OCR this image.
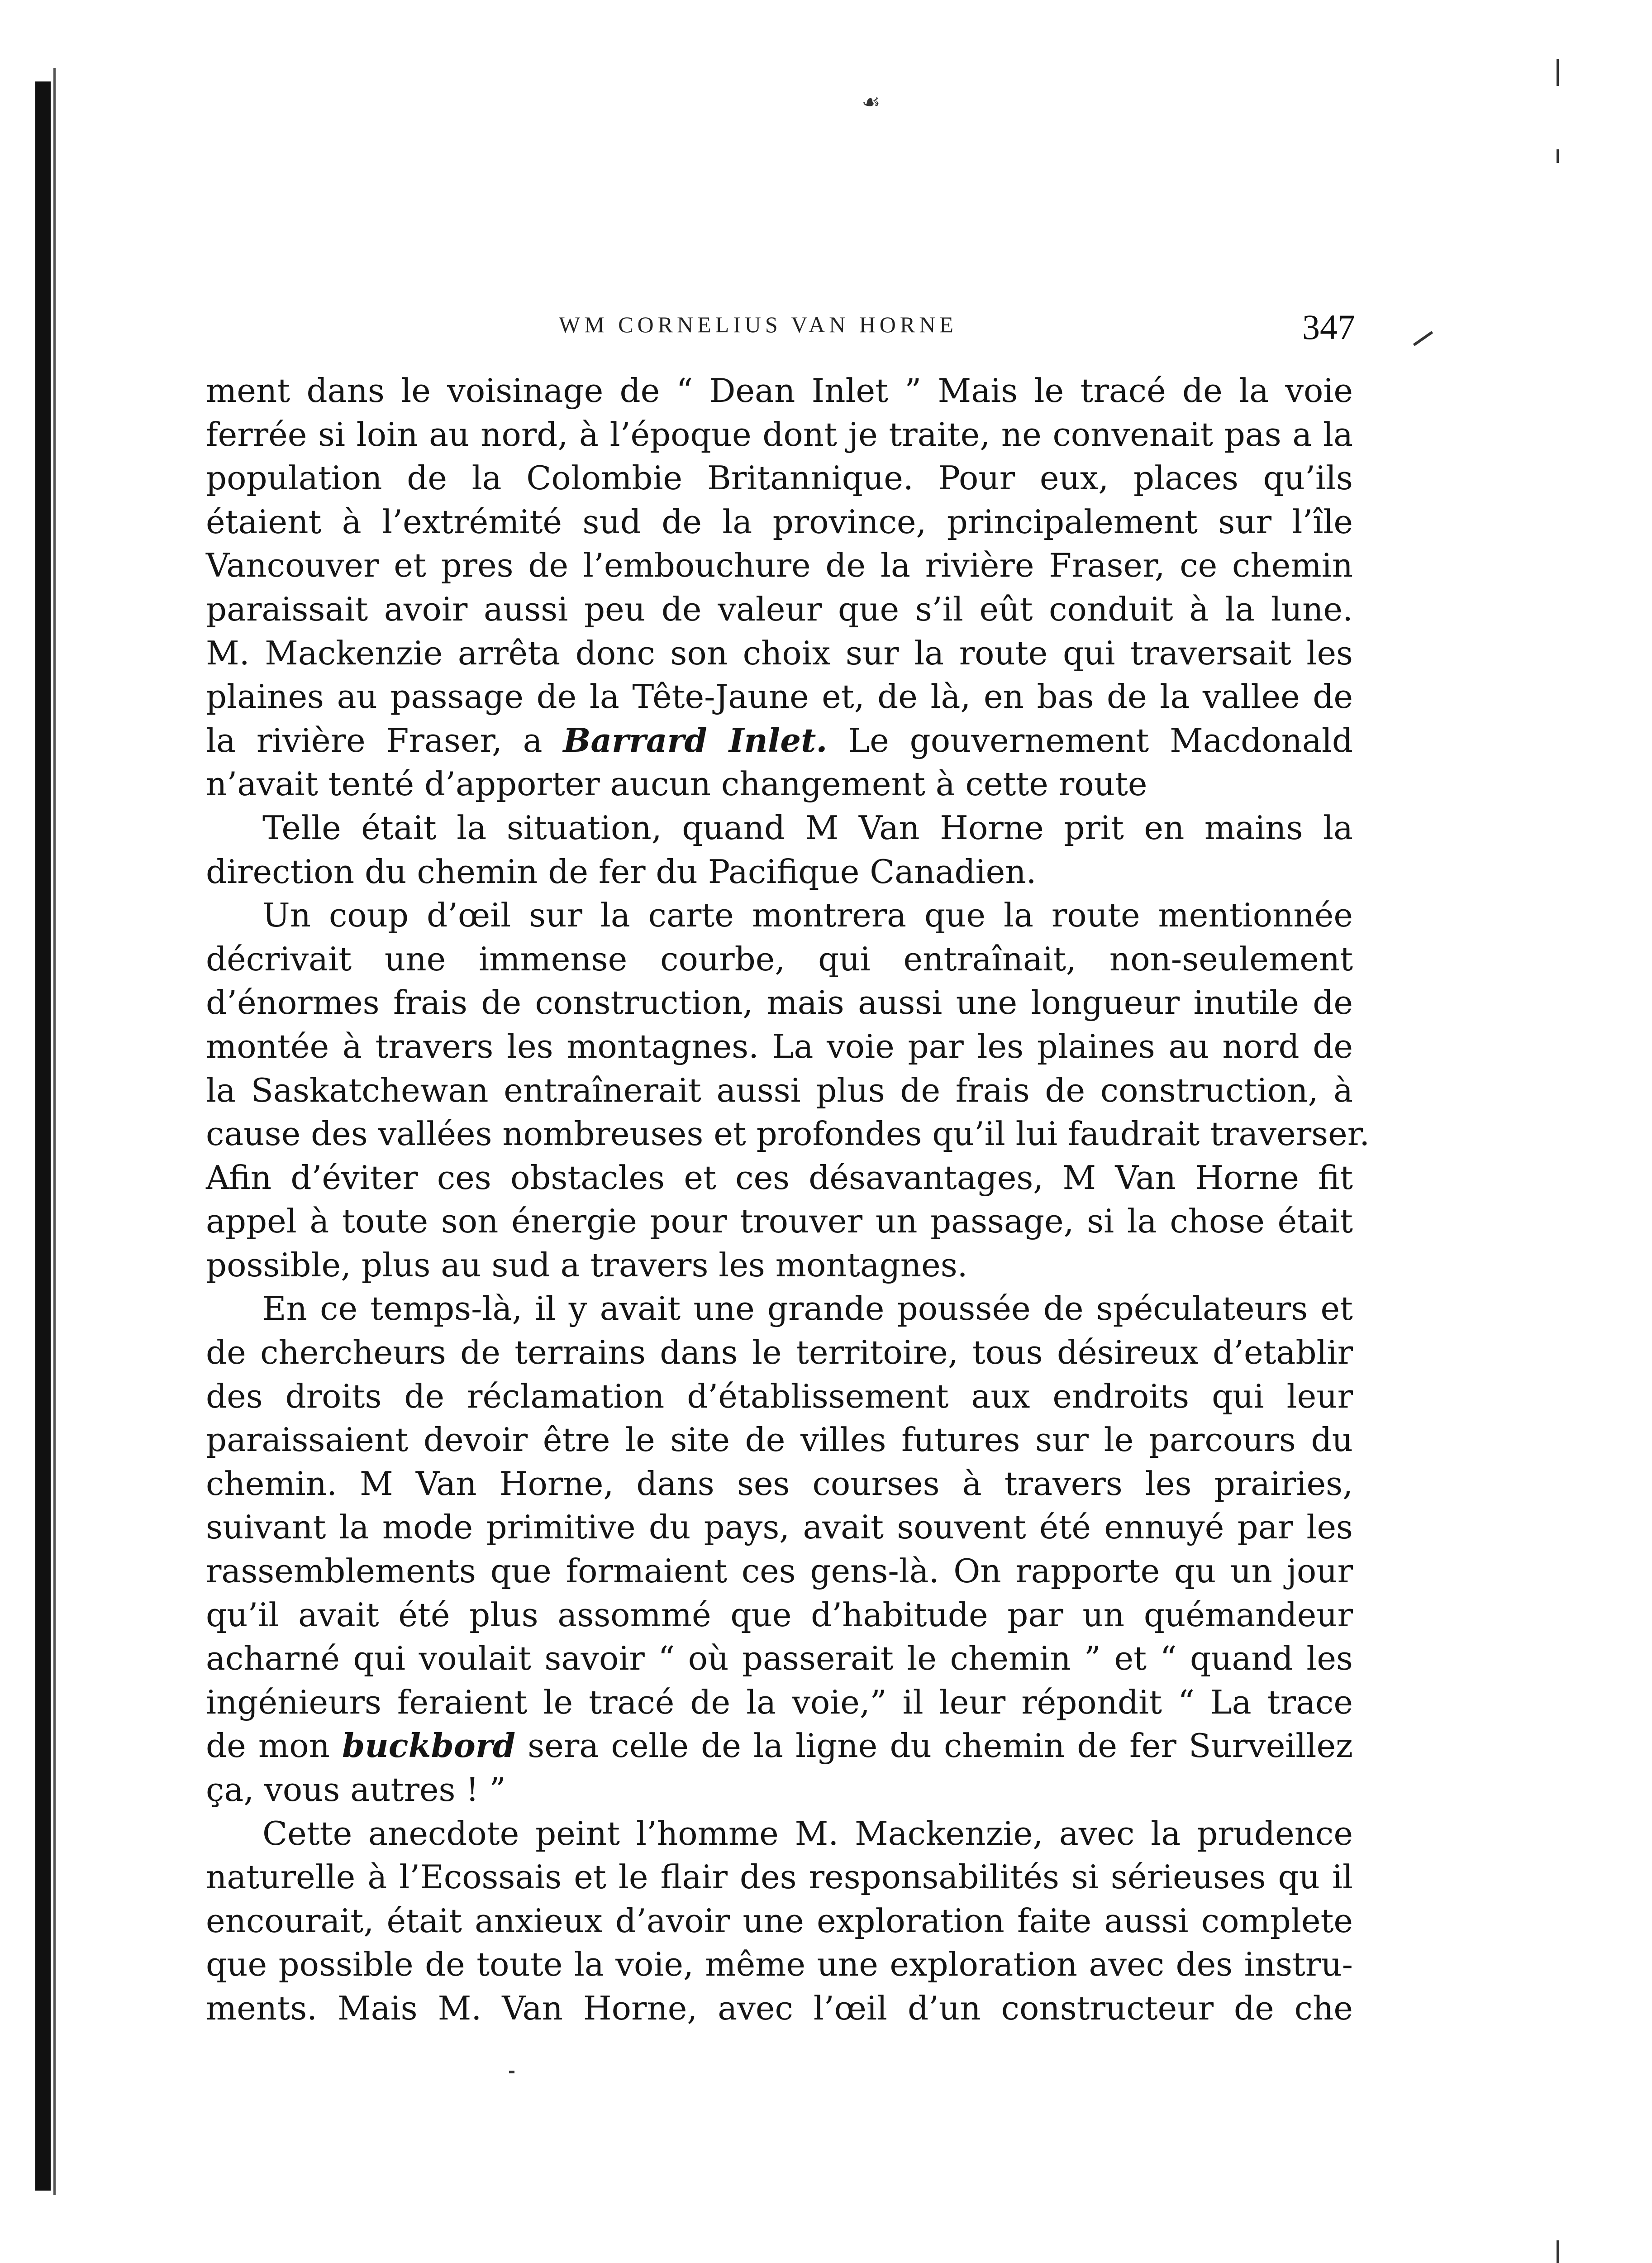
☙
WM CORNELIUS VAN HORNE	347
ment dans le voisinage de “ Dean Inlet ” Mais le tracé de la voie
ferrée si loin au nord, à l’époque dont je traite, ne convenait pas a la
population de la Colombie Britannique. Pour eux, places qu’ils
étaient à l’extrémité sud de la province, principalement sur l’île
Vancouver et pres de l’embouchure de la rivière Fraser, ce chemin
paraissait avoir aussi peu de valeur que s’il eût conduit à la lune.
M. Mackenzie arrêta donc son choix sur la route qui traversait les
plaines au passage de la Tête-Jaune et, de là, en bas de la vallee de
la rivière Fraser, a Barrard Inlet. Le gouvernement Macdonald
n’avait tenté d’apporter aucun changement à cette route
Telle était la situation, quand M Van Horne prit en mains la
direction du chemin de fer du Pacifique Canadien.
Un coup d’œil sur la carte montrera que la route mentionnée
décrivait une immense courbe, qui entraînait, non-seulement
d’énormes frais de construction, mais aussi une longueur inutile de
montée à travers les montagnes. La voie par les plaines au nord de
la Saskatchewan entraînerait aussi plus de frais de construction, à
cause des vallées nombreuses et profondes qu’il lui faudrait traverser.
Afin d’éviter ces obstacles et ces désavantages, M Van Horne fit
appel à toute son énergie pour trouver un passage, si la chose était
possible, plus au sud a travers les montagnes.
En ce temps-là, il y avait une grande poussée de spéculateurs et
de chercheurs de terrains dans le territoire, tous désireux d’etablir
des droits de réclamation d’établissement aux endroits qui leur
paraissaient devoir être le site de villes futures sur le parcours du
chemin. M Van Horne, dans ses courses à travers les prairies,
suivant la mode primitive du pays, avait souvent été ennuyé par les
rassemblements que formaient ces gens-là. On rapporte qu un jour
qu’il avait été plus assommé que d’habitude par un quémandeur
acharné qui voulait savoir “ où passerait le chemin ” et “ quand les
ingénieurs feraient le tracé de la voie,” il leur répondit “ La trace
de mon buckbord sera celle de la ligne du chemin de fer Surveillez
ça, vous autres ! ”
Cette anecdote peint l’homme M. Mackenzie, avec la prudence
naturelle à l’Ecossais et le flair des responsabilités si sérieuses qu il
encourait, était anxieux d’avoir une exploration faite aussi complete
que possible de toute la voie, même une exploration avec des instru-
ments. Mais M. Van Horne, avec l’œil d’un constructeur de che
